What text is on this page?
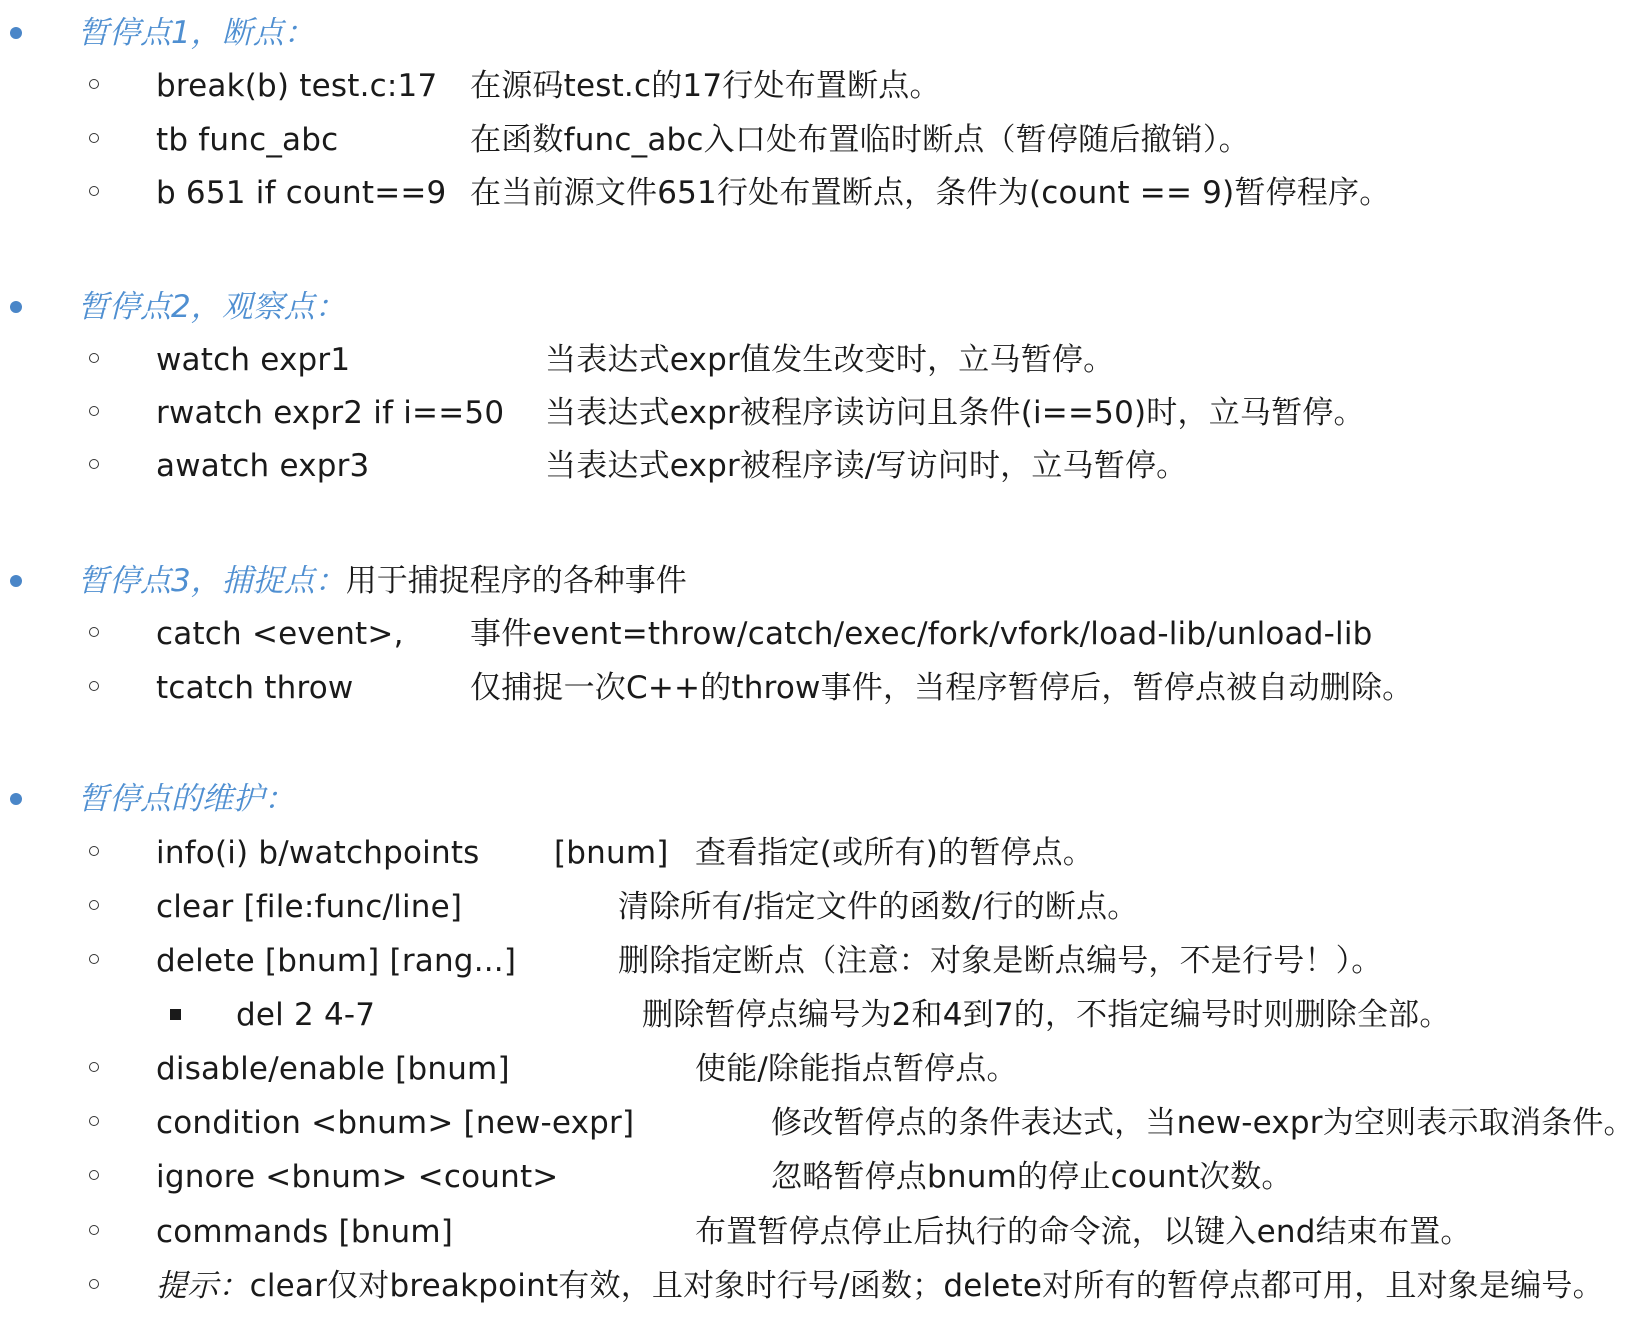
暂停点1，断点：
break(b) test.c:17 在源码test.c的17行处布置断点。
tb func_abc	在函数func_abc入口处布置临时断点（暂停随后撤销）。
b 651 if count==9 在当前源文件651行处布置断点，条件为(count == 9)暂停程序。
暂停点2，观察点：
watch expr1	当表达式expr值发生改变时，立马暂停。
rwatch expr2 if i==50 当表达式expr被程序读访问且条件(i==50)时，立马暂停。
awatch expr3	当表达式expr被程序读/写访问时，立马暂停。
暂停点3，捕捉点：用于捕捉程序的各种事件
catch <event>, 事件event=throw/catch/exec/fork/vfork/load-lib/unload-lib
tcatch throw	仅捕捉一次C++的throw事件，当程序暂停后，暂停点被自动删除。
暂停点的维护：
info(i) b/watchpoints [bnum] 查看指定(或所有)的暂停点。
clear [file:func/line]	清除所有/指定文件的函数/行的断点。
delete [bnum] [rang...]	删除指定断点（注意：对象是断点编号，不是行号！）。
del 2 4-7	删除暂停点编号为2和4到7的，不指定编号时则删除全部。
disable/enable [bnum]	使能/除能指点暂停点。
condition <bnum> [new-expr]	修改暂停点的条件表达式，当new-expr为空则表示取消条件。
ignore <bnum> <count>	忽略暂停点bnum的停止count次数。
commands [bnum]	布置暂停点停止后执行的命令流，以键入end结束布置。
提示：clear仅对breakpoint有效，且对象时行号/函数；delete对所有的暂停点都可用，且对象是编号。
